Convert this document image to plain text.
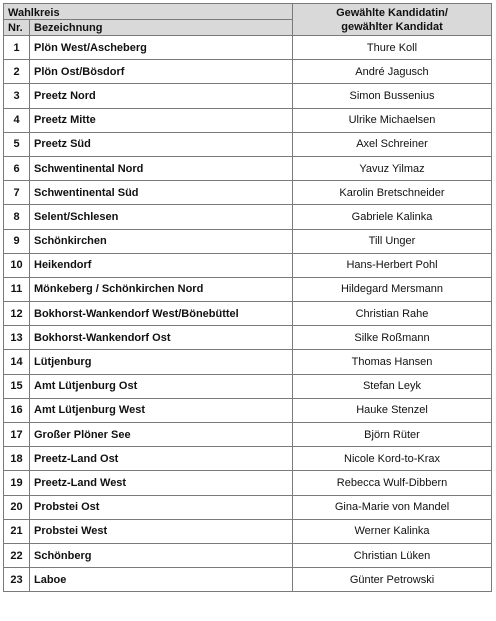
Wahlkreis		Gewählte Kandidatin/
gewählter Kandidat

Nr.	Bezeichnung	
1	Plön West/Ascheberg	Thure Koll
2	Plön Ost/Bösdorf	André Jagusch
3	Preetz Nord	Simon Bussenius
4	Preetz Mitte	Ulrike Michaelsen
5	Preetz Süd	Axel Schreiner
6	Schwentinental Nord	Yavuz Yilmaz
7	Schwentinental Süd	Karolin Bretschneider
8	Selent/Schlesen	Gabriele Kalinka
9	Schönkirchen	Till Unger
10	Heikendorf	Hans-Herbert Pohl
11	Mönkeberg / Schönkirchen Nord	Hildegard Mersmann
12	Bokhorst-Wankendorf West/Bönebüttel	Christian Rahe
13	Bokhorst-Wankendorf Ost	Silke Roßmann
14	Lütjenburg	Thomas Hansen
15	Amt Lütjenburg Ost	Stefan Leyk
16	Amt Lütjenburg West	Hauke Stenzel
17	Großer Plöner See	Björn Rüter
18	Preetz-Land Ost	Nicole Kord-to-Krax
19	Preetz-Land West	Rebecca Wulf-Dibbern
20	Probstei Ost	Gina-Marie von Mandel
21	Probstei West	Werner Kalinka
22	Schönberg	Christian Lüken
23	Laboe	Günter Petrowski
